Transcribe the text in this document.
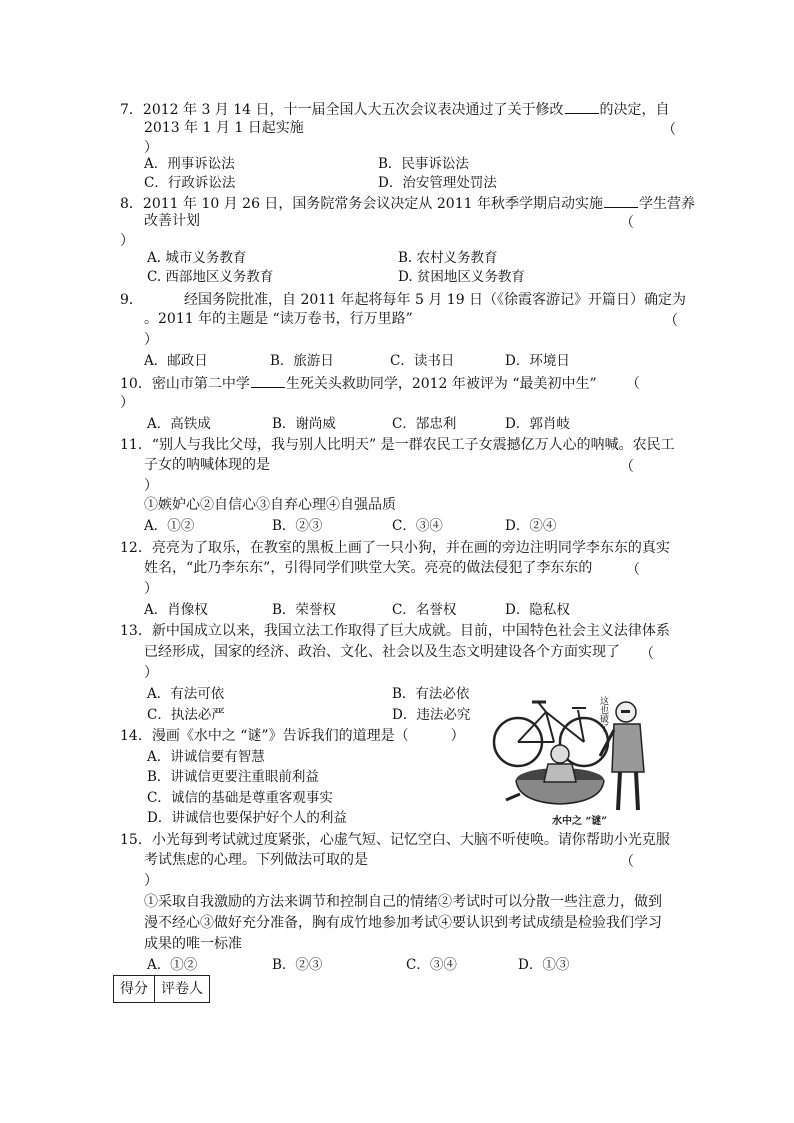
7．2012 年 3 月 14 日，十一届全国人大五次会议表决通过了关于修改	的决定，自
2013 年 1 月 1 日起实施	（
）
A．刑事诉讼法	B．民事诉讼法
C．行政诉讼法	D．治安管理处罚法
8．2011 年 10 月 26 日，国务院常务会议决定从 2011 年秋季学期启动实施	学生营养
改善计划	（
）
A. 城市义务教育	B. 农村义务教育
C. 西部地区义务教育	D. 贫困地区义务教育
9．	经国务院批准，自 2011 年起将每年 5 月 19 日（《徐霞客游记》开篇日）确定为
。2011 年的主题是 “读万卷书，行万里路”	（
）
A．邮政日	B．旅游日	C．读书日	D．环境日
10．密山市第二中学	生死关头救助同学，2012 年被评为 “最美初中生” （
）
A．高铁成	B．谢尚威	C．郜忠利	D．郭肖岐
11．“别人与我比父母，我与别人比明天” 是一群农民工子女震撼亿万人心的呐喊。农民工
子女的呐喊体现的是	（
）
①嫉妒心②自信心③自弃心理④自强品质
A．①②	B．②③	C．③④	D．②④
12．亮亮为了取乐，在教室的黑板上画了一只小狗，并在画的旁边注明同学李东东的真实
姓名，“此乃李东东”，引得同学们哄堂大笑。亮亮的做法侵犯了李东东的 （
）
A．肖像权	B．荣誉权	C．名誉权	D．隐私权
13．新中国成立以来，我国立法工作取得了巨大成就。目前，中国特色社会主义法律体系
已经形成，国家的经济、政治、文化、社会以及生态文明建设各个方面实现了 （
）
A．有法可依	B．有法必依
C．执法必严	D．违法必究
14．漫画《水中之 “谜”》告诉我们的道理是（　　　）
A．讲诚信要有智慧
B．讲诚信更要注重眼前利益
C．诚信的基础是尊重客观事实
D．讲诚信也要保护好个人的利益
这也破了
水中之 “谜”
15．小光每到考试就过度紧张，心虚气短、记忆空白、大脑不听使唤。请你帮助小光克服
考试焦虑的心理。下列做法可取的是	（
）
①采取自我激励的方法来调节和控制自己的情绪②考试时可以分散一些注意力，做到
漫不经心③做好充分准备，胸有成竹地参加考试④要认识到考试成绩是检验我们学习
成果的唯一标准
A．①②	B．②③	C．③④	D．①③
得分	评卷人
